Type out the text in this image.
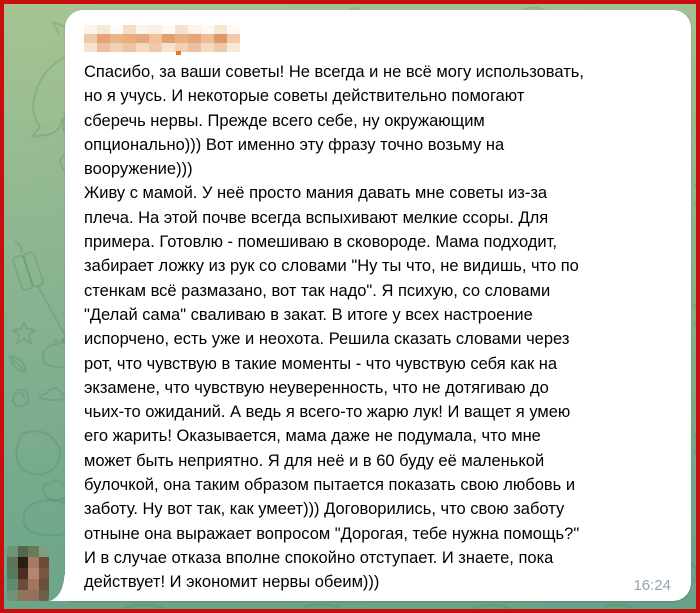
Спасибо, за ваши советы! Не всегда и не всё могу использовать,
но я учусь. И некоторые советы действительно помогают
сберечь нервы. Прежде всего себе, ну окружающим
опционально))) Вот именно эту фразу точно возьму на
вооружение)))
Живу с мамой. У неё просто мания давать мне советы из-за
плеча. На этой почве всегда вспыхивают мелкие ссоры. Для
примера. Готовлю - помешиваю в сковороде. Мама подходит,
забирает ложку из рук со словами "Ну ты что, не видишь, что по
стенкам всё размазано, вот так надо". Я психую, со словами
"Делай сама" сваливаю в закат. В итоге у всех настроение
испорчено, есть уже и неохота. Решила сказать словами через
рот, что чувствую в такие моменты - что чувствую себя как на
экзамене, что чувствую неуверенность, что не дотягиваю до
чьих-то ожиданий. А ведь я всего-то жарю лук! И ващет я умею
его жарить! Оказывается, мама даже не подумала, что мне
может быть неприятно. Я для неё и в 60 буду её маленькой
булочкой, она таким образом пытается показать свою любовь и
заботу. Ну вот так, как умеет))) Договорились, что свою заботу
отныне она выражает вопросом "Дорогая, тебе нужна помощь?"
И в случае отказа вполне спокойно отступает. И знаете, пока
действует! И экономит нервы обеим)))	16:24
